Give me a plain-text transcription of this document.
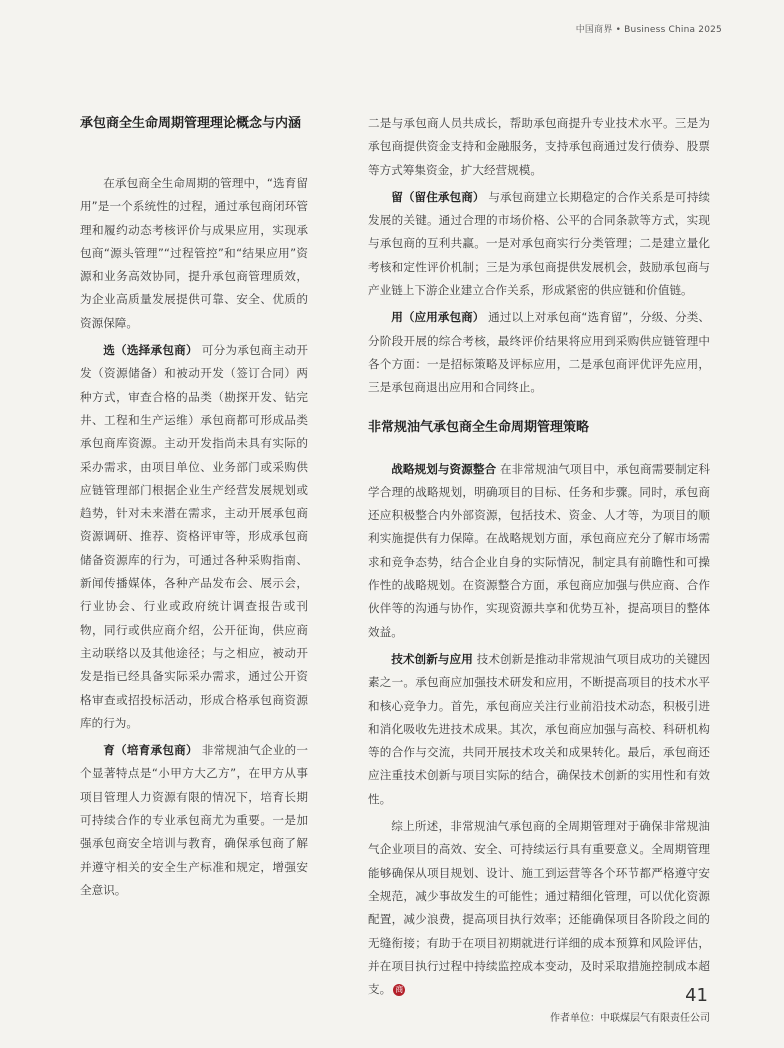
中国商界 • Business China 2025
承包商全生命周期管理理论概念与内涵

在承包商全生命周期的管理中，“选育留用”是一个系统性的过程，通过承包商闭环管理和履约动态考核评价与成果应用，实现承包商“源头管理”“过程管控”和“结果应用”资源和业务高效协同，提升承包商管理质效，为企业高质量发展提供可靠、安全、优质的资源保障。

选（选择承包商） 可分为承包商主动开发（资源储备）和被动开发（签订合同）两种方式，审查合格的品类（勘探开发、钻完井、工程和生产运维）承包商都可形成品类承包商库资源。主动开发指尚未具有实际的采办需求，由项目单位、业务部门或采购供应链管理部门根据企业生产经营发展规划或趋势，针对未来潜在需求，主动开展承包商资源调研、推荐、资格评审等，形成承包商储备资源库的行为，可通过各种采购指南、新闻传播媒体，各种产品发布会、展示会，行业协会、行业或政府统计调查报告或刊物，同行或供应商介绍，公开征询，供应商主动联络以及其他途径；与之相应，被动开发是指已经具备实际采办需求，通过公开资格审查或招投标活动，形成合格承包商资源库的行为。

育（培育承包商） 非常规油气企业的一个显著特点是“小甲方大乙方”，在甲方从事项目管理人力资源有限的情况下，培育长期可持续合作的专业承包商尤为重要。一是加强承包商安全培训与教育，确保承包商了解并遵守相关的安全生产标准和规定，增强安全意识。

二是与承包商人员共成长，帮助承包商提升专业技术水平。三是为承包商提供资金支持和金融服务，支持承包商通过发行债券、股票等方式筹集资金，扩大经营规模。

留（留住承包商） 与承包商建立长期稳定的合作关系是可持续发展的关键。通过合理的市场价格、公平的合同条款等方式，实现与承包商的互利共赢。一是对承包商实行分类管理；二是建立量化考核和定性评价机制；三是为承包商提供发展机会，鼓励承包商与产业链上下游企业建立合作关系，形成紧密的供应链和价值链。

用（应用承包商） 通过以上对承包商“选育留”，分级、分类、分阶段开展的综合考核，最终评价结果将应用到采购供应链管理中各个方面：一是招标策略及评标应用，二是承包商评优评先应用，三是承包商退出应用和合同终止。

非常规油气承包商全生命周期管理策略

战略规划与资源整合 在非常规油气项目中，承包商需要制定科学合理的战略规划，明确项目的目标、任务和步骤。同时，承包商还应积极整合内外部资源，包括技术、资金、人才等，为项目的顺利实施提供有力保障。在战略规划方面，承包商应充分了解市场需求和竞争态势，结合企业自身的实际情况，制定具有前瞻性和可操作性的战略规划。在资源整合方面，承包商应加强与供应商、合作伙伴等的沟通与协作，实现资源共享和优势互补，提高项目的整体效益。

技术创新与应用 技术创新是推动非常规油气项目成功的关键因素之一。承包商应加强技术研发和应用，不断提高项目的技术水平和核心竞争力。首先，承包商应关注行业前沿技术动态，积极引进和消化吸收先进技术成果。其次，承包商应加强与高校、科研机构等的合作与交流，共同开展技术攻关和成果转化。最后，承包商还应注重技术创新与项目实际的结合，确保技术创新的实用性和有效性。

综上所述，非常规油气承包商的全周期管理对于确保非常规油气企业项目的高效、安全、可持续运行具有重要意义。全周期管理能够确保从项目规划、设计、施工到运营等各个环节都严格遵守安全规范，减少事故发生的可能性；通过精细化管理，可以优化资源配置，减少浪费，提高项目执行效率；还能确保项目各阶段之间的无缝衔接；有助于在项目初期就进行详细的成本预算和风险评估，并在项目执行过程中持续监控成本变动，及时采取措施控制成本超支。 商

作者单位：中联煤层气有限责任公司
41
